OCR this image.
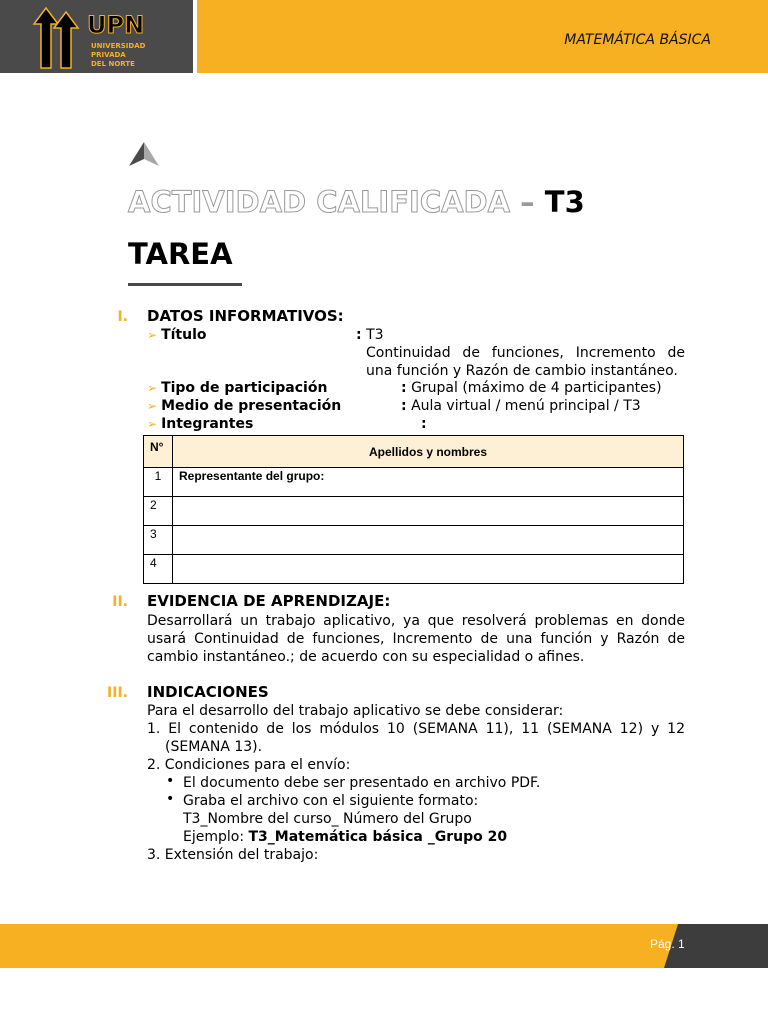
UPN
UNIVERSIDAD
PRIVADA
DEL NORTE
MATEMÁTICA BÁSICA
ACTIVIDAD CALIFICADA – T3
TAREA
I. DATOS INFORMATIVOS:
➢ Título	: T3
Continuidad de funciones, Incremento de
una función y Razón de cambio instantáneo.
➢ Tipo de participación	: Grupal (máximo de 4 participantes)
➢ Medio de presentación	: Aula virtual / menú principal / T3
➢ Integrantes	:
N°	Apellidos y nombres
1	Representante del grupo:
2	
3	
4	
II. EVIDENCIA DE APRENDIZAJE:
Desarrollará un trabajo aplicativo, ya que resolverá problemas en donde usará Continuidad de funciones, Incremento de una función y Razón de cambio instantáneo.; de acuerdo con su especialidad o afines.
III. INDICACIONES
Para el desarrollo del trabajo aplicativo se debe considerar:
1. El contenido de los módulos 10 (SEMANA 11), 11 (SEMANA 12) y 12
(SEMANA 13).
2. Condiciones para el envío:
• El documento debe ser presentado en archivo PDF.
• Graba el archivo con el siguiente formato:
T3_Nombre del curso_ Número del Grupo
Ejemplo: T3_Matemática básica _Grupo 20
3. Extensión del trabajo:
Pág. 1
